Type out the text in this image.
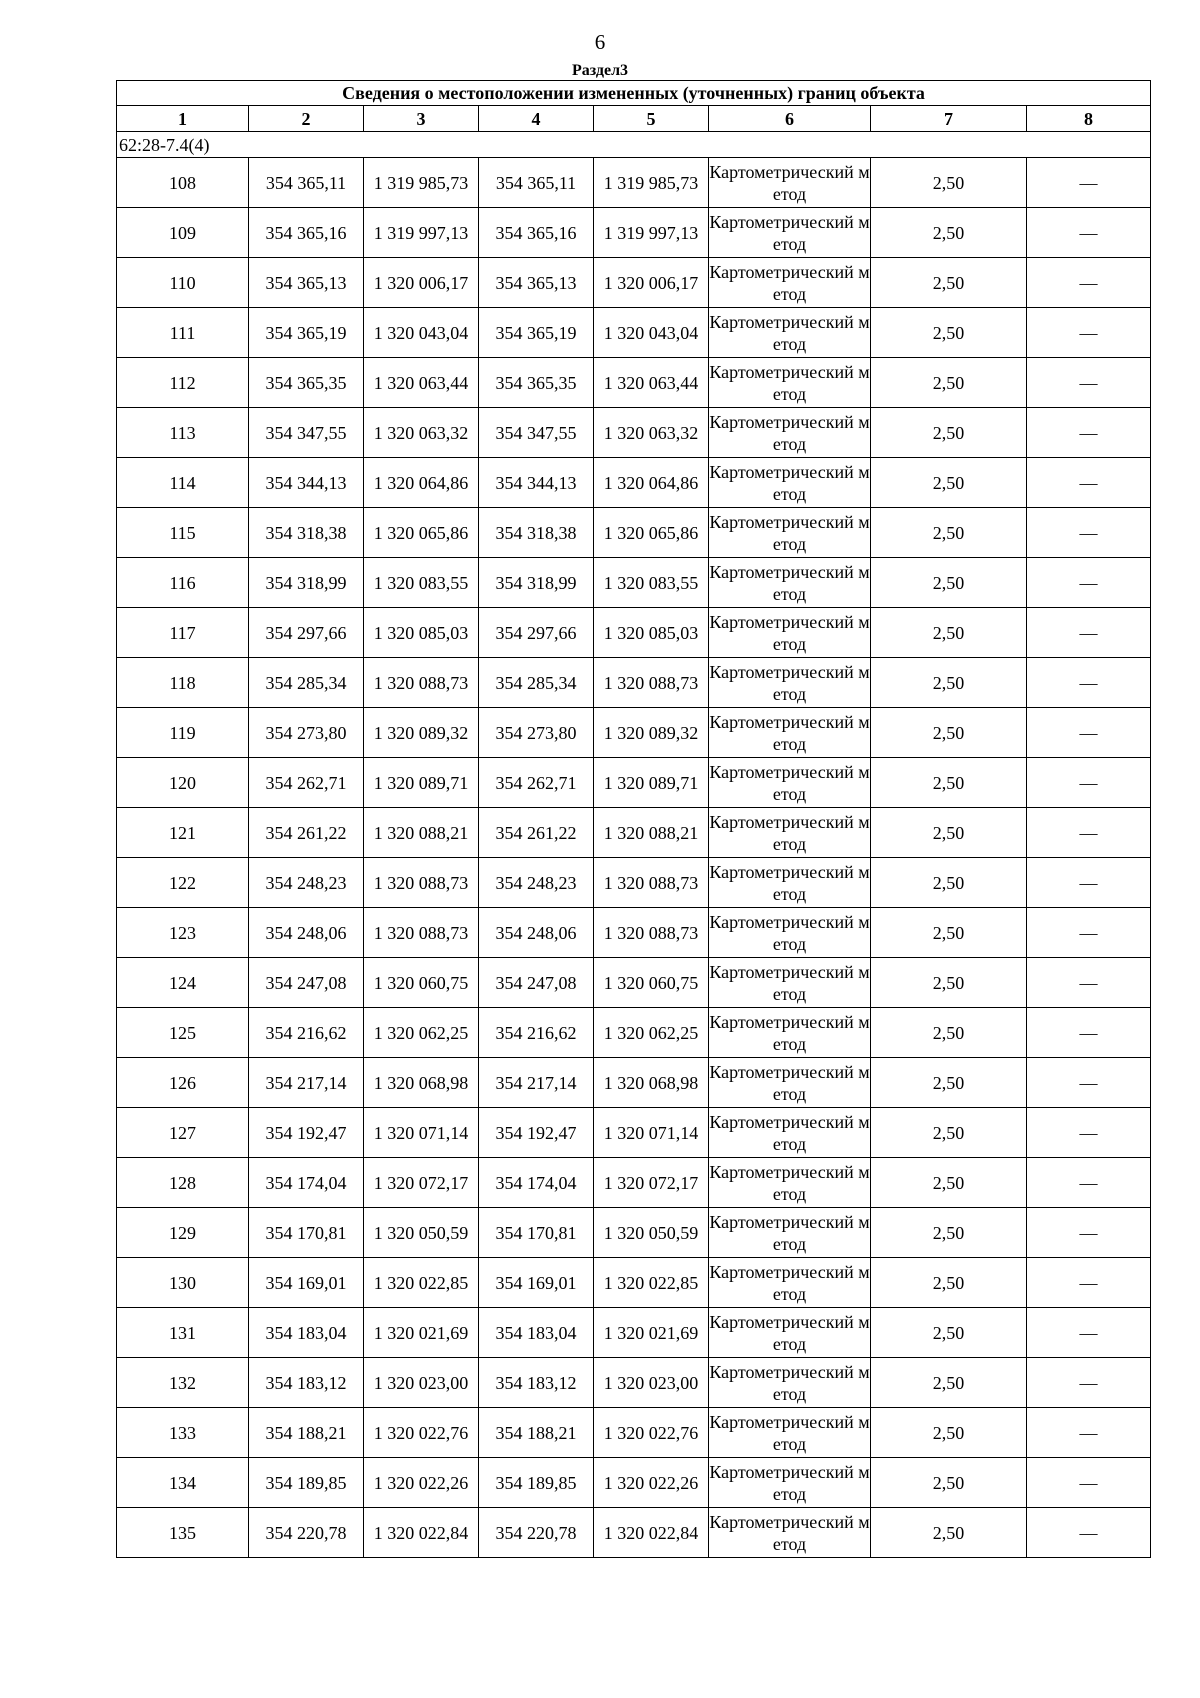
6
Раздел3
Сведения о местоположении измененных (уточненных) границ объекта							
1	2	3	4	5	6	7	8
62:28-7.4(4)							
108	354 365,11	1 319 985,73	354 365,11	1 319 985,73	Картометрический метод	2,50	—
109	354 365,16	1 319 997,13	354 365,16	1 319 997,13	Картометрический метод	2,50	—
110	354 365,13	1 320 006,17	354 365,13	1 320 006,17	Картометрический метод	2,50	—
111	354 365,19	1 320 043,04	354 365,19	1 320 043,04	Картометрический метод	2,50	—
112	354 365,35	1 320 063,44	354 365,35	1 320 063,44	Картометрический метод	2,50	—
113	354 347,55	1 320 063,32	354 347,55	1 320 063,32	Картометрический метод	2,50	—
114	354 344,13	1 320 064,86	354 344,13	1 320 064,86	Картометрический метод	2,50	—
115	354 318,38	1 320 065,86	354 318,38	1 320 065,86	Картометрический метод	2,50	—
116	354 318,99	1 320 083,55	354 318,99	1 320 083,55	Картометрический метод	2,50	—
117	354 297,66	1 320 085,03	354 297,66	1 320 085,03	Картометрический метод	2,50	—
118	354 285,34	1 320 088,73	354 285,34	1 320 088,73	Картометрический метод	2,50	—
119	354 273,80	1 320 089,32	354 273,80	1 320 089,32	Картометрический метод	2,50	—
120	354 262,71	1 320 089,71	354 262,71	1 320 089,71	Картометрический метод	2,50	—
121	354 261,22	1 320 088,21	354 261,22	1 320 088,21	Картометрический метод	2,50	—
122	354 248,23	1 320 088,73	354 248,23	1 320 088,73	Картометрический метод	2,50	—
123	354 248,06	1 320 088,73	354 248,06	1 320 088,73	Картометрический метод	2,50	—
124	354 247,08	1 320 060,75	354 247,08	1 320 060,75	Картометрический метод	2,50	—
125	354 216,62	1 320 062,25	354 216,62	1 320 062,25	Картометрический метод	2,50	—
126	354 217,14	1 320 068,98	354 217,14	1 320 068,98	Картометрический метод	2,50	—
127	354 192,47	1 320 071,14	354 192,47	1 320 071,14	Картометрический метод	2,50	—
128	354 174,04	1 320 072,17	354 174,04	1 320 072,17	Картометрический метод	2,50	—
129	354 170,81	1 320 050,59	354 170,81	1 320 050,59	Картометрический метод	2,50	—
130	354 169,01	1 320 022,85	354 169,01	1 320 022,85	Картометрический метод	2,50	—
131	354 183,04	1 320 021,69	354 183,04	1 320 021,69	Картометрический метод	2,50	—
132	354 183,12	1 320 023,00	354 183,12	1 320 023,00	Картометрический метод	2,50	—
133	354 188,21	1 320 022,76	354 188,21	1 320 022,76	Картометрический метод	2,50	—
134	354 189,85	1 320 022,26	354 189,85	1 320 022,26	Картометрический метод	2,50	—
135	354 220,78	1 320 022,84	354 220,78	1 320 022,84	Картометрический метод	2,50	—
